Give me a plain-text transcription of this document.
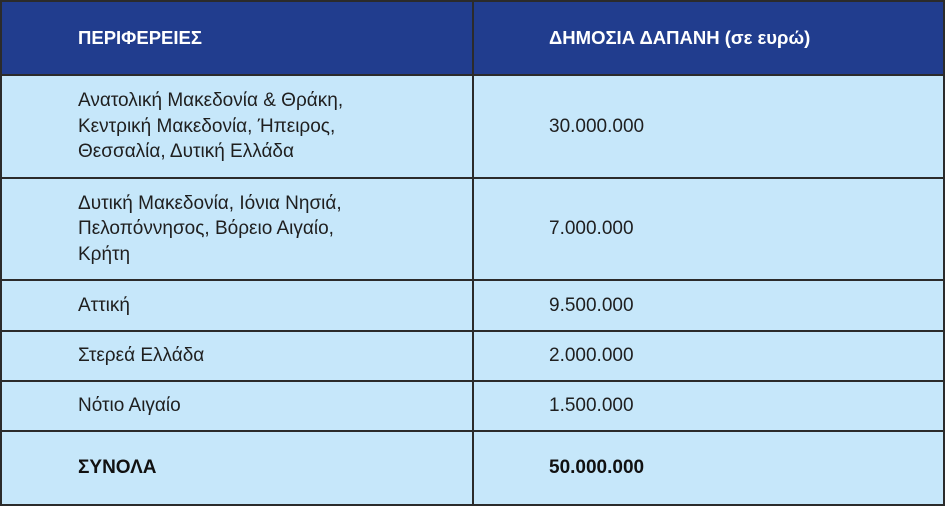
ΠΕΡΙΦΕΡΕΙΕΣ	ΔΗΜΟΣΙΑ ΔΑΠΑΝΗ (σε ευρώ)

Ανατολική Μακεδονία & Θράκη,
Κεντρική Μακεδονία, Ήπειρος,
Θεσσαλία, Δυτική Ελλάδα	30.000.000

Δυτική Μακεδονία, Ιόνια Νησιά,
Πελοπόννησος, Βόρειο Αιγαίο,
Κρήτη	7.000.000
Αττική	9.500.000
Στερεά Ελλάδα	2.000.000
Νότιο Αιγαίο	1.500.000
ΣΥΝΟΛΑ	50.000.000
